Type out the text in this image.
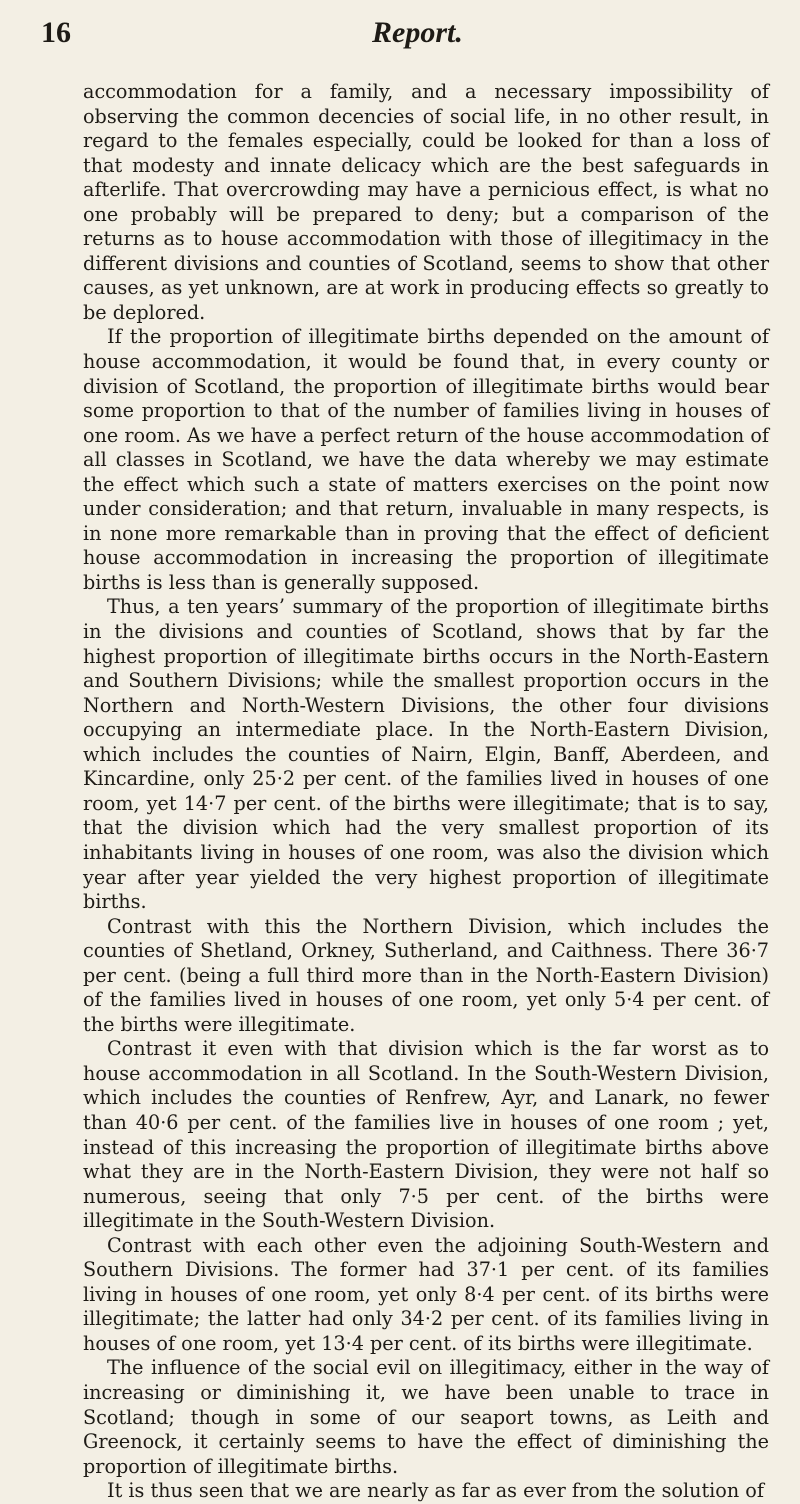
16	Report.

accommodation for a family, and a necessary impossibility of observing the common decencies of social life, in no other result, in regard to the females especially, could be looked for than a loss of that modesty and innate delicacy which are the best safeguards in afterlife. That overcrowding may have a pernicious effect, is what no one probably will be prepared to deny; but a comparison of the returns as to house accommodation with those of illegitimacy in the different divisions and counties of Scotland, seems to show that other causes, as yet unknown, are at work in producing effects so greatly to be deplored.

If the proportion of illegitimate births depended on the amount of house accommodation, it would be found that, in every county or division of Scotland, the proportion of illegitimate births would bear some proportion to that of the number of families living in houses of one room. As we have a perfect return of the house accommodation of all classes in Scotland, we have the data whereby we may estimate the effect which such a state of matters exercises on the point now under consideration; and that return, invaluable in many respects, is in none more remarkable than in proving that the effect of deficient house accommodation in increasing the proportion of illegitimate births is less than is generally supposed.

Thus, a ten years’ summary of the proportion of illegitimate births in the divisions and counties of Scotland, shows that by far the highest proportion of illegitimate births occurs in the North-Eastern and Southern Divisions; while the smallest proportion occurs in the Northern and North-Western Divisions, the other four divisions occupying an intermediate place. In the North-Eastern Division, which includes the counties of Nairn, Elgin, Banff, Aberdeen, and Kincardine, only 25·2 per cent. of the families lived in houses of one room, yet 14·7 per cent. of the births were illegitimate; that is to say, that the division which had the very smallest proportion of its inhabitants living in houses of one room, was also the division which year after year yielded the very highest proportion of illegitimate births.

Contrast with this the Northern Division, which includes the counties of Shetland, Orkney, Sutherland, and Caithness. There 36·7 per cent. (being a full third more than in the North-Eastern Division) of the families lived in houses of one room, yet only 5·4 per cent. of the births were illegitimate.

Contrast it even with that division which is the far worst as to house accommodation in all Scotland. In the South-Western Division, which includes the counties of Renfrew, Ayr, and Lanark, no fewer than 40·6 per cent. of the families live in houses of one room ; yet, instead of this increasing the proportion of illegitimate births above what they are in the North-Eastern Division, they were not half so numerous, seeing that only 7·5 per cent. of the births were illegitimate in the South-Western Division.

Contrast with each other even the adjoining South-Western and Southern Divisions. The former had 37·1 per cent. of its families living in houses of one room, yet only 8·4 per cent. of its births were illegitimate; the latter had only 34·2 per cent. of its families living in houses of one room, yet 13·4 per cent. of its births were illegitimate.

The influence of the social evil on illegitimacy, either in the way of increasing or diminishing it, we have been unable to trace in Scotland; though in some of our seaport towns, as Leith and Greenock, it certainly seems to have the effect of diminishing the proportion of illegitimate births.

It is thus seen that we are nearly as far as ever from the solution of
